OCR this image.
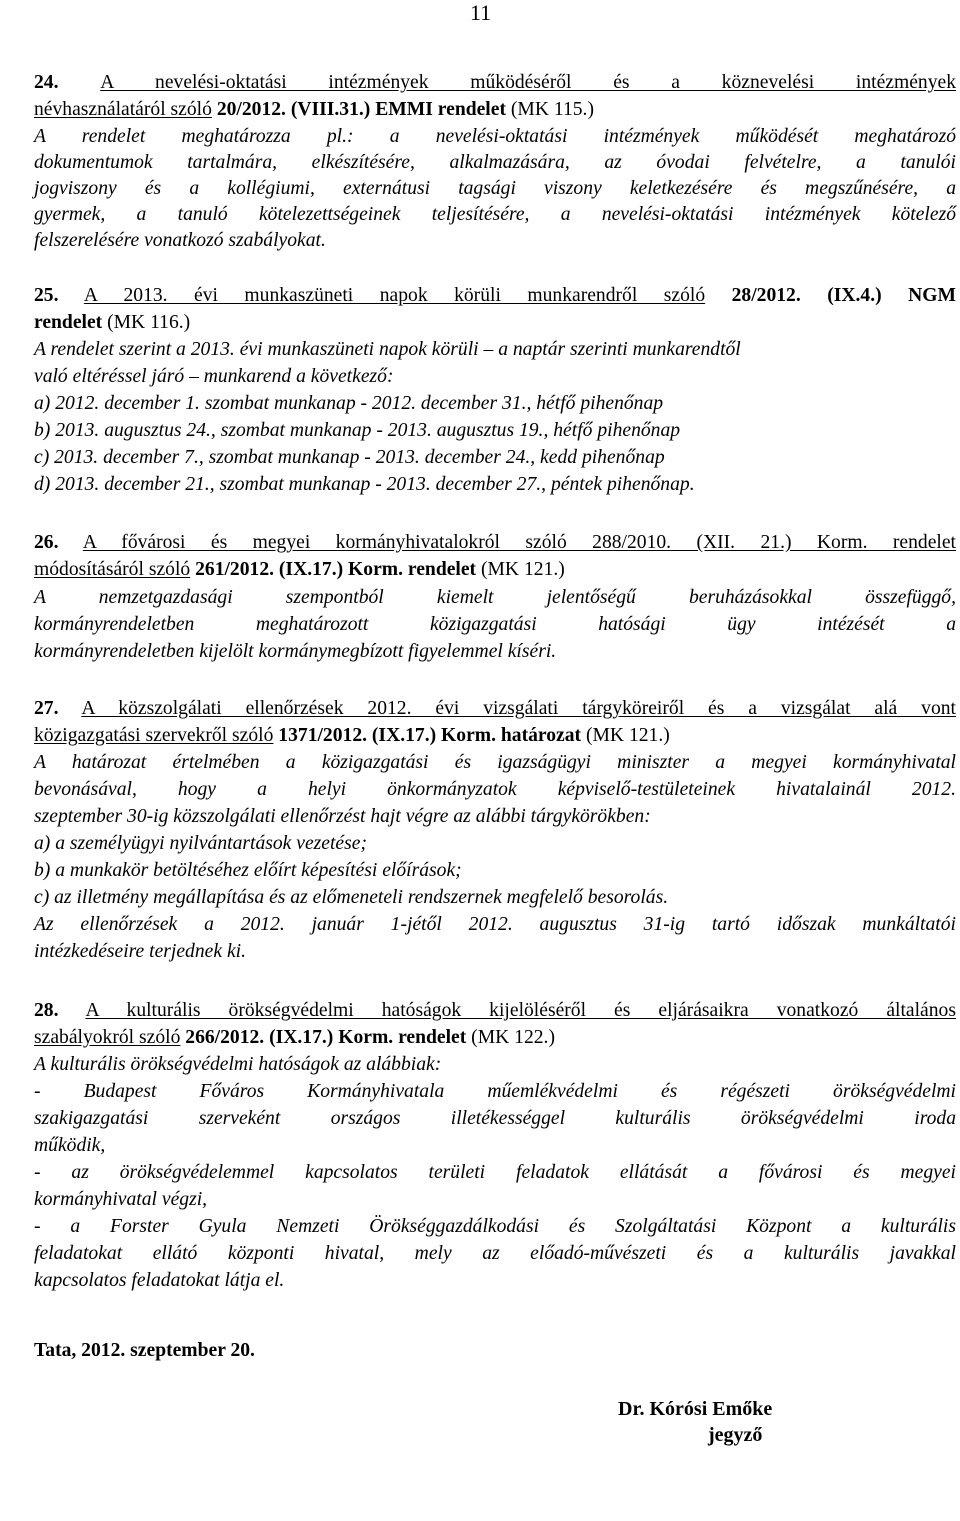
11
24. A nevelési-oktatási intézmények működéséről és a köznevelési intézmények
névhasználatáról szóló 20/2012. (VIII.31.) EMMI rendelet (MK 115.)
A rendelet meghatározza pl.: a nevelési-oktatási intézmények működését meghatározó
dokumentumok tartalmára, elkészítésére, alkalmazására, az óvodai felvételre, a tanulói
jogviszony és a kollégiumi, externátusi tagsági viszony keletkezésére és megszűnésére, a
gyermek, a tanuló kötelezettségeinek teljesítésére, a nevelési-oktatási intézmények kötelező
felszerelésére vonatkozó szabályokat.
25. A 2013. évi munkaszüneti napok körüli munkarendről szóló 28/2012. (IX.4.) NGM
rendelet (MK 116.)
A rendelet szerint a 2013. évi munkaszüneti napok körüli – a naptár szerinti munkarendtől
való eltéréssel járó – munkarend a következő:
a) 2012. december 1. szombat munkanap - 2012. december 31., hétfő pihenőnap
b) 2013. augusztus 24., szombat munkanap - 2013. augusztus 19., hétfő pihenőnap
c) 2013. december 7., szombat munkanap - 2013. december 24., kedd pihenőnap
d) 2013. december 21., szombat munkanap - 2013. december 27., péntek pihenőnap.
26. A fővárosi és megyei kormányhivatalokról szóló 288/2010. (XII. 21.) Korm. rendelet
módosításáról szóló 261/2012. (IX.17.) Korm. rendelet (MK 121.)
A nemzetgazdasági szempontból kiemelt jelentőségű beruházásokkal összefüggő,
kormányrendeletben meghatározott közigazgatási hatósági ügy intézését a
kormányrendeletben kijelölt kormánymegbízott figyelemmel kíséri.
27. A közszolgálati ellenőrzések 2012. évi vizsgálati tárgyköreiről és a vizsgálat alá vont
közigazgatási szervekről szóló 1371/2012. (IX.17.) Korm. határozat (MK 121.)
A határozat értelmében a közigazgatási és igazságügyi miniszter a megyei kormányhivatal
bevonásával, hogy a helyi önkormányzatok képviselő-testületeinek hivatalainál 2012.
szeptember 30-ig közszolgálati ellenőrzést hajt végre az alábbi tárgykörökben:
a) a személyügyi nyilvántartások vezetése;
b) a munkakör betöltéséhez előírt képesítési előírások;
c) az illetmény megállapítása és az előmeneteli rendszernek megfelelő besorolás.
Az ellenőrzések a 2012. január 1-jétől 2012. augusztus 31-ig tartó időszak munkáltatói
intézkedéseire terjednek ki.
28. A kulturális örökségvédelmi hatóságok kijelöléséről és eljárásaikra vonatkozó általános
szabályokról szóló 266/2012. (IX.17.) Korm. rendelet (MK 122.)
A kulturális örökségvédelmi hatóságok az alábbiak:
- Budapest Főváros Kormányhivatala műemlékvédelmi és régészeti örökségvédelmi
szakigazgatási szerveként országos illetékességgel kulturális örökségvédelmi iroda
működik,
- az örökségvédelemmel kapcsolatos területi feladatok ellátását a fővárosi és megyei
kormányhivatal végzi,
- a Forster Gyula Nemzeti Örökséggazdálkodási és Szolgáltatási Központ a kulturális
feladatokat ellátó központi hivatal, mely az előadó-művészeti és a kulturális javakkal
kapcsolatos feladatokat látja el.
Tata, 2012. szeptember 20.
Dr. Kórósi Emőke
jegyző
